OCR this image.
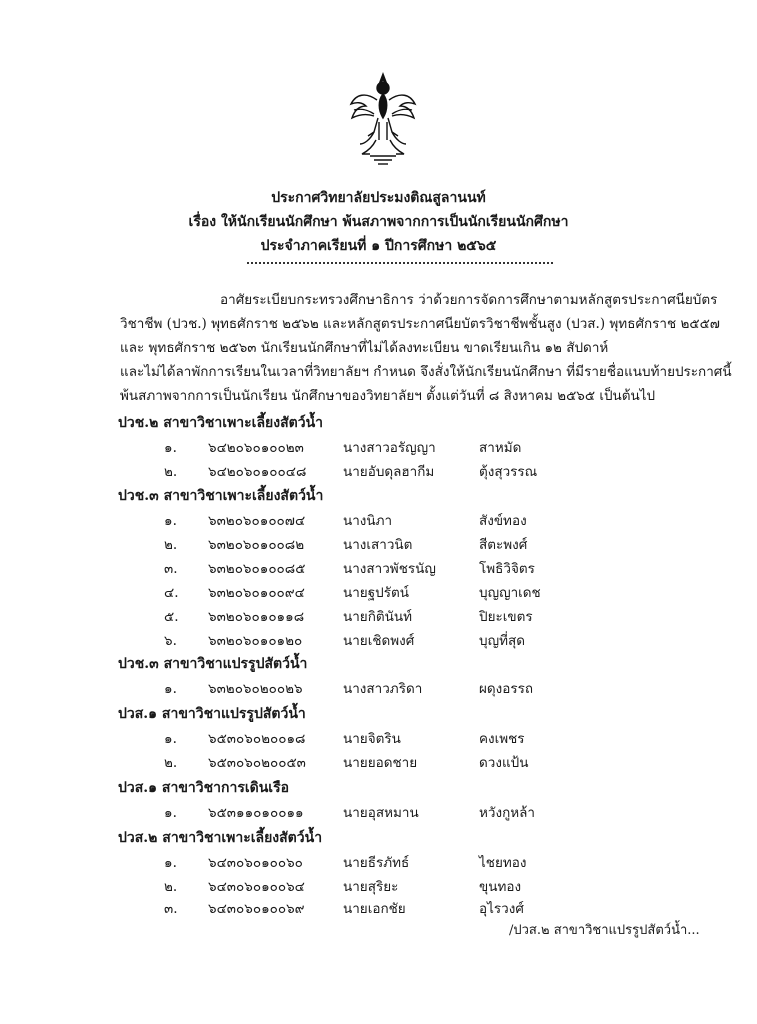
ประกาศวิทยาลัยประมงติณสูลานนท์
เรื่อง ให้นักเรียนนักศึกษา พ้นสภาพจากการเป็นนักเรียนนักศึกษา
ประจำภาคเรียนที่ ๑ ปีการศึกษา ๒๕๖๕
อาศัยระเบียบกระทรวงศึกษาธิการ ว่าด้วยการจัดการศึกษาตามหลักสูตรประกาศนียบัตร
วิชาชีพ (ปวช.) พุทธศักราช ๒๕๖๒ และหลักสูตรประกาศนียบัตรวิชาชีพชั้นสูง (ปวส.) พุทธศักราช ๒๕๕๗
และ พุทธศักราช ๒๕๖๓ นักเรียนนักศึกษาที่ไม่ได้ลงทะเบียน ขาดเรียนเกิน ๑๒ สัปดาห์
และไม่ได้ลาพักการเรียนในเวลาที่วิทยาลัยฯ กำหนด จึงสั่งให้นักเรียนนักศึกษา ที่มีรายชื่อแนบท้ายประกาศนี้
พ้นสภาพจากการเป็นนักเรียน นักศึกษาของวิทยาลัยฯ ตั้งแต่วันที่ ๘ สิงหาคม ๒๕๖๕ เป็นต้นไป
ปวช.๒ สาขาวิชาเพาะเลี้ยงสัตว์น้ำ
๑. ๖๔๒๐๖๐๑๐๐๒๓	นางสาวอรัญญา	สาหมัด
๒. ๖๔๒๐๖๐๑๐๐๔๘	นายอับดุลฮากีม	ตุ้งสุวรรณ
ปวช.๓ สาขาวิชาเพาะเลี้ยงสัตว์น้ำ
๑. ๖๓๒๐๖๐๑๐๐๗๔	นางนิภา	สังข์ทอง
๒. ๖๓๒๐๖๐๑๐๐๘๒	นางเสาวนิต	สีตะพงศ์
๓. ๖๓๒๐๖๐๑๐๐๘๕	นางสาวพัชรนัญ	โพธิวิจิตร
๔. ๖๓๒๐๖๐๑๐๐๙๔	นายฐปรัตน์	บุญญาเดช
๕. ๖๓๒๐๖๐๑๐๑๑๘	นายกิตินันท์	ปิยะเขตร
๖. ๖๓๒๐๖๐๑๐๑๒๐	นายเชิดพงศ์	บุญที่สุด
ปวช.๓ สาขาวิชาแปรรูปสัตว์น้ำ
๑. ๖๓๒๐๖๐๒๐๐๒๖	นางสาวภริดา	ผดุงอรรถ
ปวส.๑ สาขาวิชาแปรรูปสัตว์น้ำ
๑. ๖๕๓๐๖๐๒๐๐๑๘	นายจิตริน	คงเพชร
๒. ๖๕๓๐๖๐๒๐๐๕๓	นายยอดชาย	ดวงแป้น
ปวส.๑ สาขาวิชาการเดินเรือ
๑. ๖๕๓๑๑๐๑๐๐๑๑	นายอุสหมาน	หวังกูหล้า
ปวส.๒ สาขาวิชาเพาะเลี้ยงสัตว์น้ำ
๑. ๖๔๓๐๖๐๑๐๐๖๐	นายธีรภัทธ์	ไชยทอง
๒. ๖๔๓๐๖๐๑๐๐๖๔	นายสุริยะ	ขุนทอง
๓. ๖๔๓๐๖๐๑๐๐๖๙	นายเอกชัย	อุไรวงศ์
/ปวส.๒ สาขาวิชาแปรรูปสัตว์น้ำ...
